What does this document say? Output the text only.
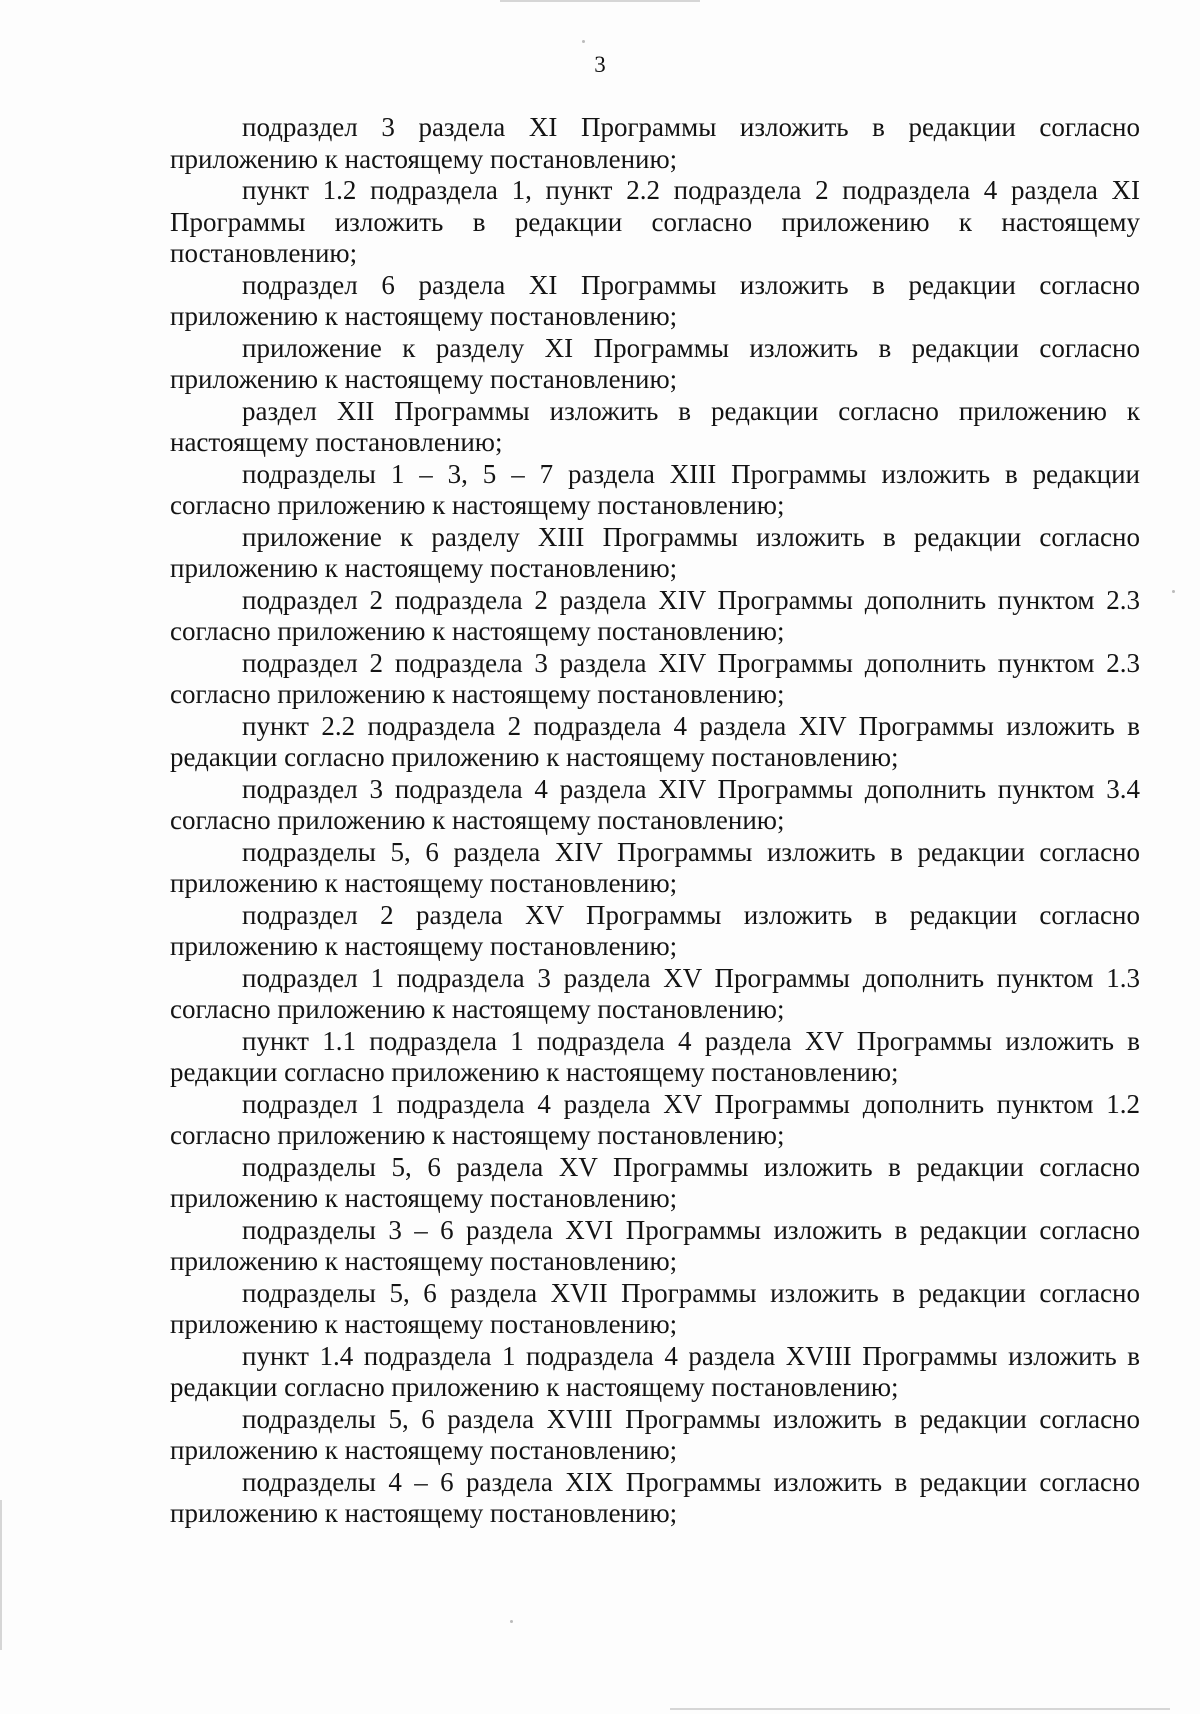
3

подраздел 3 раздела XI Программы изложить в редакции согласно приложению к настоящему постановлению;

пункт 1.2 подраздела 1, пункт 2.2 подраздела 2 подраздела 4 раздела XI Программы изложить в редакции согласно приложению к настоящему постановлению;

подраздел 6 раздела XI Программы изложить в редакции согласно приложению к настоящему постановлению;

приложение к разделу XI Программы изложить в редакции согласно приложению к настоящему постановлению;

раздел XII Программы изложить в редакции согласно приложению к настоящему постановлению;

подразделы 1 – 3, 5 – 7 раздела XIII Программы изложить в редакции согласно приложению к настоящему постановлению;

приложение к разделу XIII Программы изложить в редакции согласно приложению к настоящему постановлению;

подраздел 2 подраздела 2 раздела XIV Программы дополнить пунктом 2.3 согласно приложению к настоящему постановлению;

подраздел 2 подраздела 3 раздела XIV Программы дополнить пунктом 2.3 согласно приложению к настоящему постановлению;

пункт 2.2 подраздела 2 подраздела 4 раздела XIV Программы изложить в редакции согласно приложению к настоящему постановлению;

подраздел 3 подраздела 4 раздела XIV Программы дополнить пунктом 3.4 согласно приложению к настоящему постановлению;

подразделы 5, 6 раздела XIV Программы изложить в редакции согласно приложению к настоящему постановлению;

подраздел 2 раздела XV Программы изложить в редакции согласно приложению к настоящему постановлению;

подраздел 1 подраздела 3 раздела XV Программы дополнить пунктом 1.3 согласно приложению к настоящему постановлению;

пункт 1.1 подраздела 1 подраздела 4 раздела XV Программы изложить в редакции согласно приложению к настоящему постановлению;

подраздел 1 подраздела 4 раздела XV Программы дополнить пунктом 1.2 согласно приложению к настоящему постановлению;

подразделы 5, 6 раздела XV Программы изложить в редакции согласно приложению к настоящему постановлению;

подразделы 3 – 6 раздела XVI Программы изложить в редакции согласно приложению к настоящему постановлению;

подразделы 5, 6 раздела XVII Программы изложить в редакции согласно приложению к настоящему постановлению;

пункт 1.4 подраздела 1 подраздела 4 раздела XVIII Программы изложить в редакции согласно приложению к настоящему постановлению;

подразделы 5, 6 раздела XVIII Программы изложить в редакции согласно приложению к настоящему постановлению;

подразделы 4 – 6 раздела XIX Программы изложить в редакции согласно приложению к настоящему постановлению;
